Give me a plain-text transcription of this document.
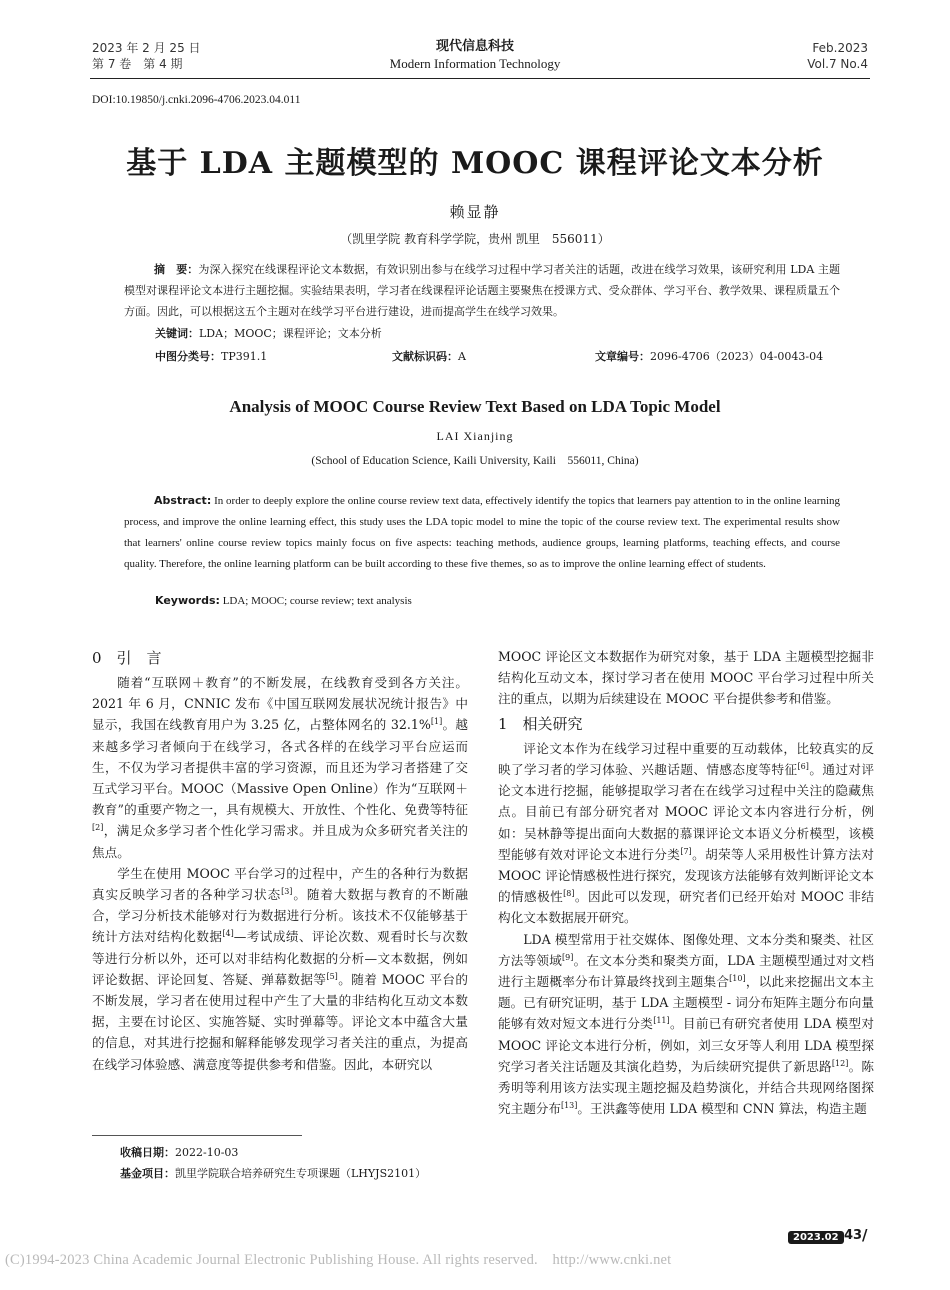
2023 年 2 月 25 日
第 7 卷　第 4 期
现代信息科技
Modern Information Technology
Feb.2023
Vol.7 No.4
DOI:10.19850/j.cnki.2096-4706.2023.04.011
基于 LDA 主题模型的 MOOC 课程评论文本分析
赖显静
（凯里学院 教育科学学院，贵州 凯里　556011）
摘　要：为深入探究在线课程评论文本数据，有效识别出参与在线学习过程中学习者关注的话题，改进在线学习效果，该研究利用 LDA 主题模型对课程评论文本进行主题挖掘。实验结果表明，学习者在线课程评论话题主要聚焦在授课方式、受众群体、学习平台、教学效果、课程质量五个方面。因此，可以根据这五个主题对在线学习平台进行建设，进而提高学生在线学习效果。
关键词：LDA；MOOC；课程评论；文本分析
中图分类号：TP391.1	文献标识码：A	文章编号：2096-4706（2023）04-0043-04
Analysis of MOOC Course Review Text Based on LDA Topic Model
LAI Xianjing
(School of Education Science, Kaili University, Kaili　556011, China)
Abstract: In order to deeply explore the online course review text data, effectively identify the topics that learners pay attention to in the online learning process, and improve the online learning effect, this study uses the LDA topic model to mine the topic of the course review text. The experimental results show that learners' online course review topics mainly focus on five aspects: teaching methods, audience groups, learning platforms, teaching effects, and course quality. Therefore, the online learning platform can be built according to these five themes, so as to improve the online learning effect of students.
Keywords: LDA; MOOC; course review; text analysis
0　引　言

随着“互联网＋教育”的不断发展，在线教育受到各方关注。2021 年 6 月，CNNIC 发布《中国互联网发展状况统计报告》中显示，我国在线教育用户为 3.25 亿，占整体网名的 32.1%[1]。越来越多学习者倾向于在线学习，各式各样的在线学习平台应运而生，不仅为学习者提供丰富的学习资源，而且还为学习者搭建了交互式学习平台。MOOC（Massive Open Online）作为“互联网＋教育”的重要产物之一，具有规模大、开放性、个性化、免费等特征[2]，满足众多学习者个性化学习需求。并且成为众多研究者关注的焦点。

学生在使用 MOOC 平台学习的过程中，产生的各种行为数据真实反映学习者的各种学习状态[3]。随着大数据与教育的不断融合，学习分析技术能够对行为数据进行分析。该技术不仅能够基于统计方法对结构化数据[4]—考试成绩、评论次数、观看时长与次数等进行分析以外，还可以对非结构化数据的分析—文本数据，例如评论数据、评论回复、答疑、弹幕数据等[5]。随着 MOOC 平台的不断发展，学习者在使用过程中产生了大量的非结构化互动文本数据，主要在讨论区、实施答疑、实时弹幕等。评论文本中蕴含大量的信息，对其进行挖掘和解释能够发现学习者关注的重点，为提高在线学习体验感、满意度等提供参考和借鉴。因此，本研究以

收稿日期：2022-10-03
基金项目：凯里学院联合培养研究生专项课题（LHYJS2101）

MOOC 评论区文本数据作为研究对象，基于 LDA 主题模型挖掘非结构化互动文本，探讨学习者在使用 MOOC 平台学习过程中所关注的重点，以期为后续建设在 MOOC 平台提供参考和借鉴。

1　相关研究

评论文本作为在线学习过程中重要的互动载体，比较真实的反映了学习者的学习体验、兴趣话题、情感态度等特征[6]。通过对评论文本进行挖掘，能够提取学习者在在线学习过程中关注的隐藏焦点。目前已有部分研究者对 MOOC 评论文本内容进行分析，例如：吴林静等提出面向大数据的慕课评论文本语义分析模型，该模型能够有效对评论文本进行分类[7]。胡荣等人采用极性计算方法对 MOOC 评论情感极性进行探究，发现该方法能够有效判断评论文本的情感极性[8]。因此可以发现，研究者们已经开始对 MOOC 非结构化文本数据展开研究。

LDA 模型常用于社交媒体、图像处理、文本分类和聚类、社区方法等领域[9]。在文本分类和聚类方面，LDA 主题模型通过对文档进行主题概率分布计算最终找到主题集合[10]，以此来挖掘出文本主题。已有研究证明，基于 LDA 主题模型 - 词分布矩阵主题分布向量能够有效对短文本进行分类[11]。目前已有研究者使用 LDA 模型对 MOOC 评论文本进行分析，例如，刘三女牙等人利用 LDA 模型探究学习者关注话题及其演化趋势，为后续研究提供了新思路[12]。陈秀明等利用该方法实现主题挖掘及趋势演化，并结合共现网络图探究主题分布[13]。王洪鑫等使用 LDA 模型和 CNN 算法，构造主题

2023.02 43 /
(C)1994-2023 China Academic Journal Electronic Publishing House. All rights reserved.　http://www.cnki.net
